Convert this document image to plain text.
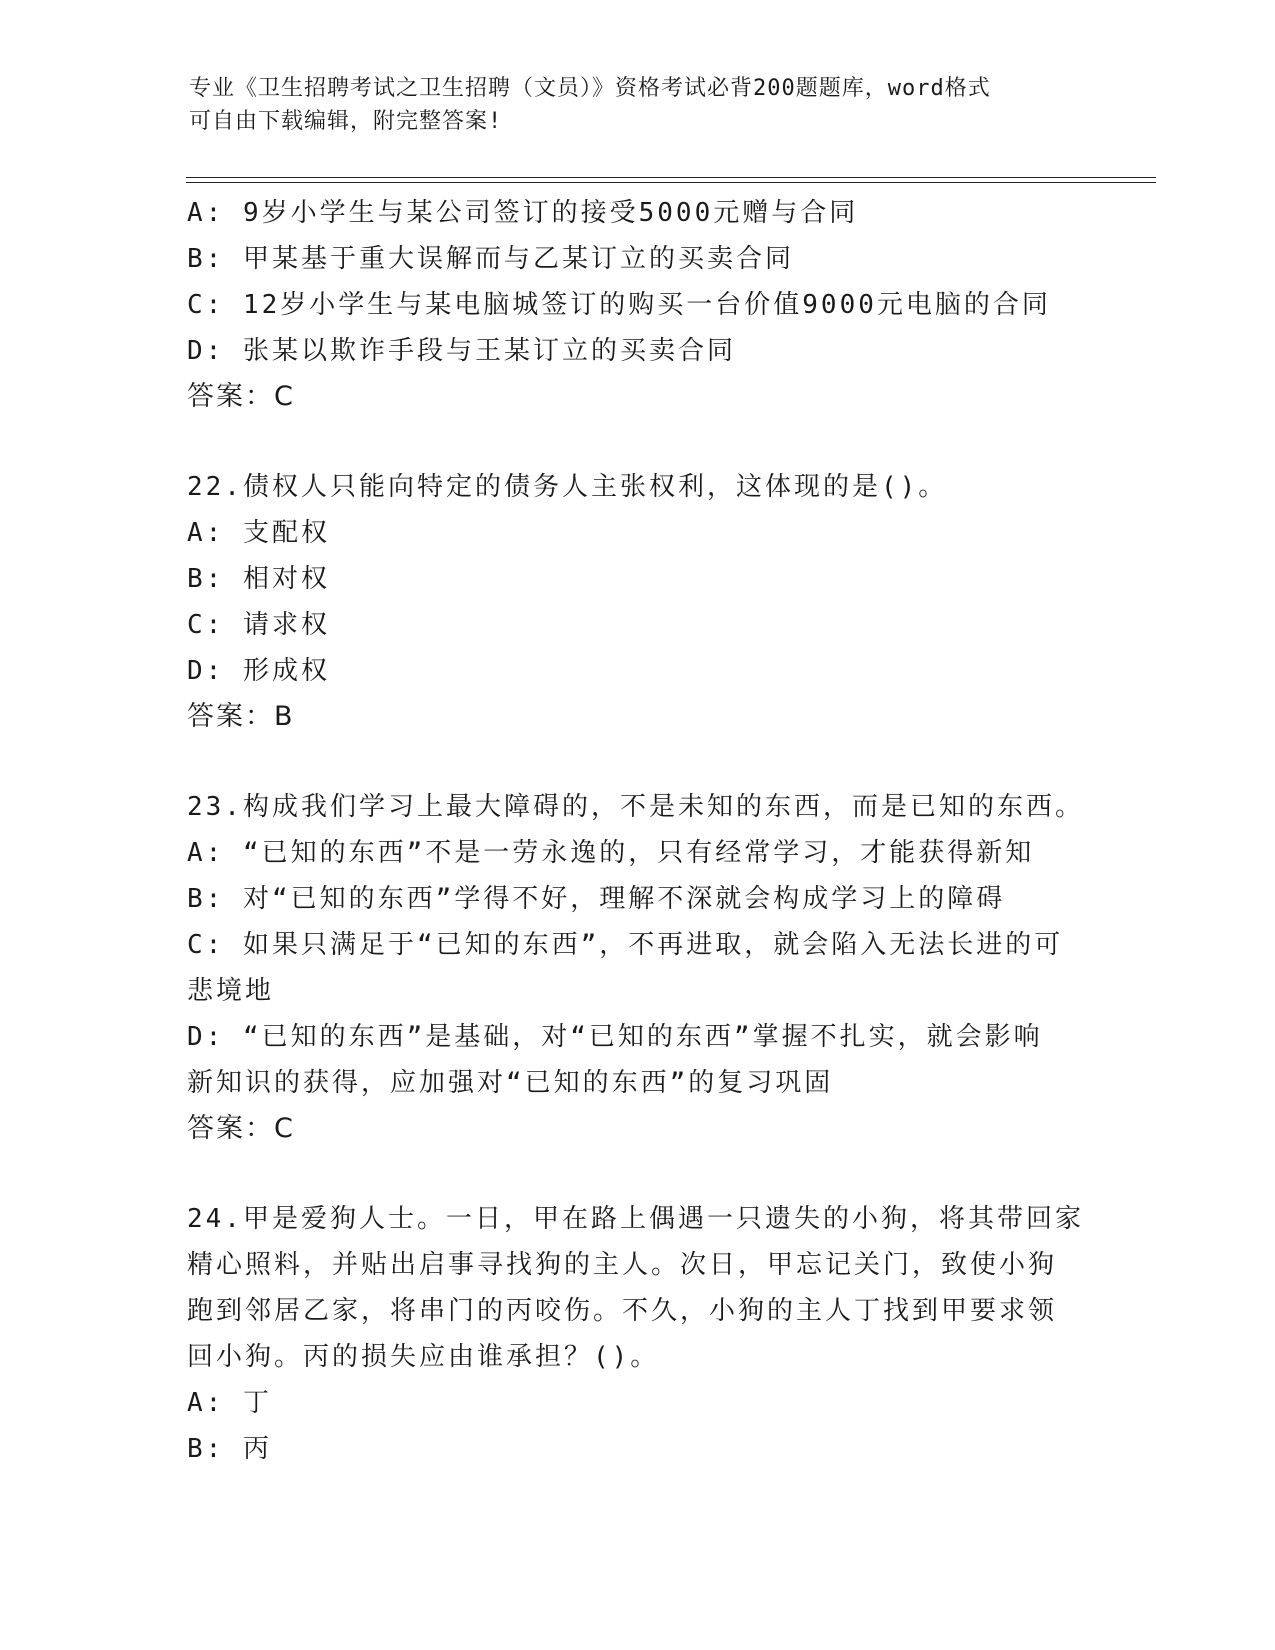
专业《卫生招聘考试之卫生招聘（文员）》资格考试必背200题题库，word格式
可自由下载编辑，附完整答案!
A: 9岁小学生与某公司签订的接受5000元赠与合同
B: 甲某基于重大误解而与乙某订立的买卖合同
C: 12岁小学生与某电脑城签订的购买一台价值9000元电脑的合同
D: 张某以欺诈手段与王某订立的买卖合同
答案：C
22.债权人只能向特定的债务人主张权利，这体现的是()。
A: 支配权
B: 相对权
C: 请求权
D: 形成权
答案：B
23.构成我们学习上最大障碍的，不是未知的东西，而是已知的东西。
A: “已知的东西”不是一劳永逸的，只有经常学习，才能获得新知
B: 对“已知的东西”学得不好，理解不深就会构成学习上的障碍
C: 如果只满足于“已知的东西”，不再进取，就会陷入无法长进的可
悲境地
D: “已知的东西”是基础，对“已知的东西”掌握不扎实，就会影响
新知识的获得，应加强对“已知的东西”的复习巩固
答案：C
24.甲是爱狗人士。一日，甲在路上偶遇一只遗失的小狗，将其带回家
精心照料，并贴出启事寻找狗的主人。次日，甲忘记关门，致使小狗
跑到邻居乙家，将串门的丙咬伤。不久，小狗的主人丁找到甲要求领
回小狗。丙的损失应由谁承担？()。
A: 丁
B: 丙
